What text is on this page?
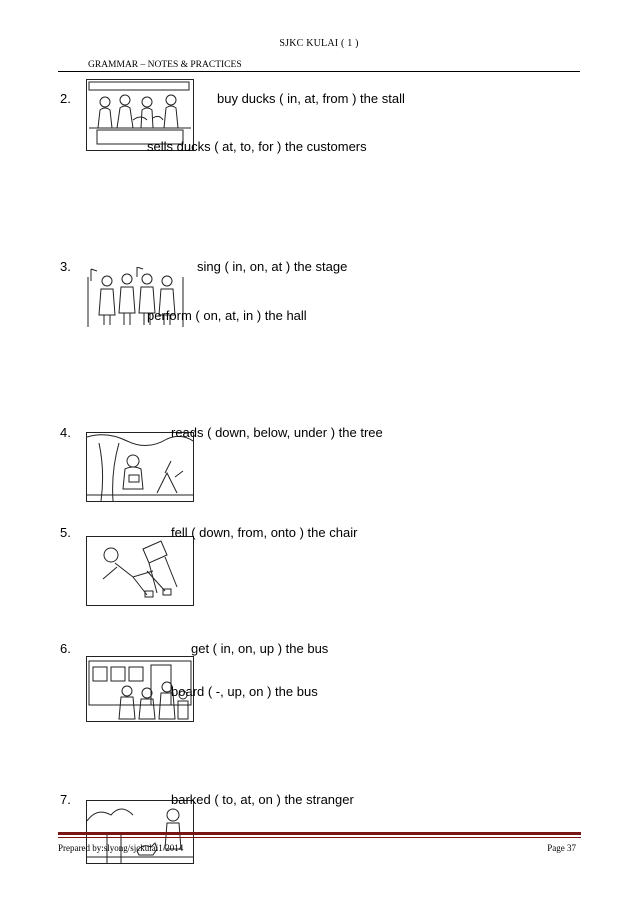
SJKC KULAI ( 1 )
GRAMMAR – NOTES & PRACTICES
2.	buy ducks ( in, at, from ) the stall
sells ducks ( at, to, for ) the customers
3.	sing ( in, on, at ) the stage
perform ( on, at, in ) the hall
4.	reads ( down, below, under ) the tree
5.	fell ( down, from, onto ) the chair
6.	get ( in, on, up ) the bus
board ( -, up, on ) the bus
7.	barked ( to, at, on ) the stranger
Prepared by:slyong/sjckulai1/2014	Page 37
